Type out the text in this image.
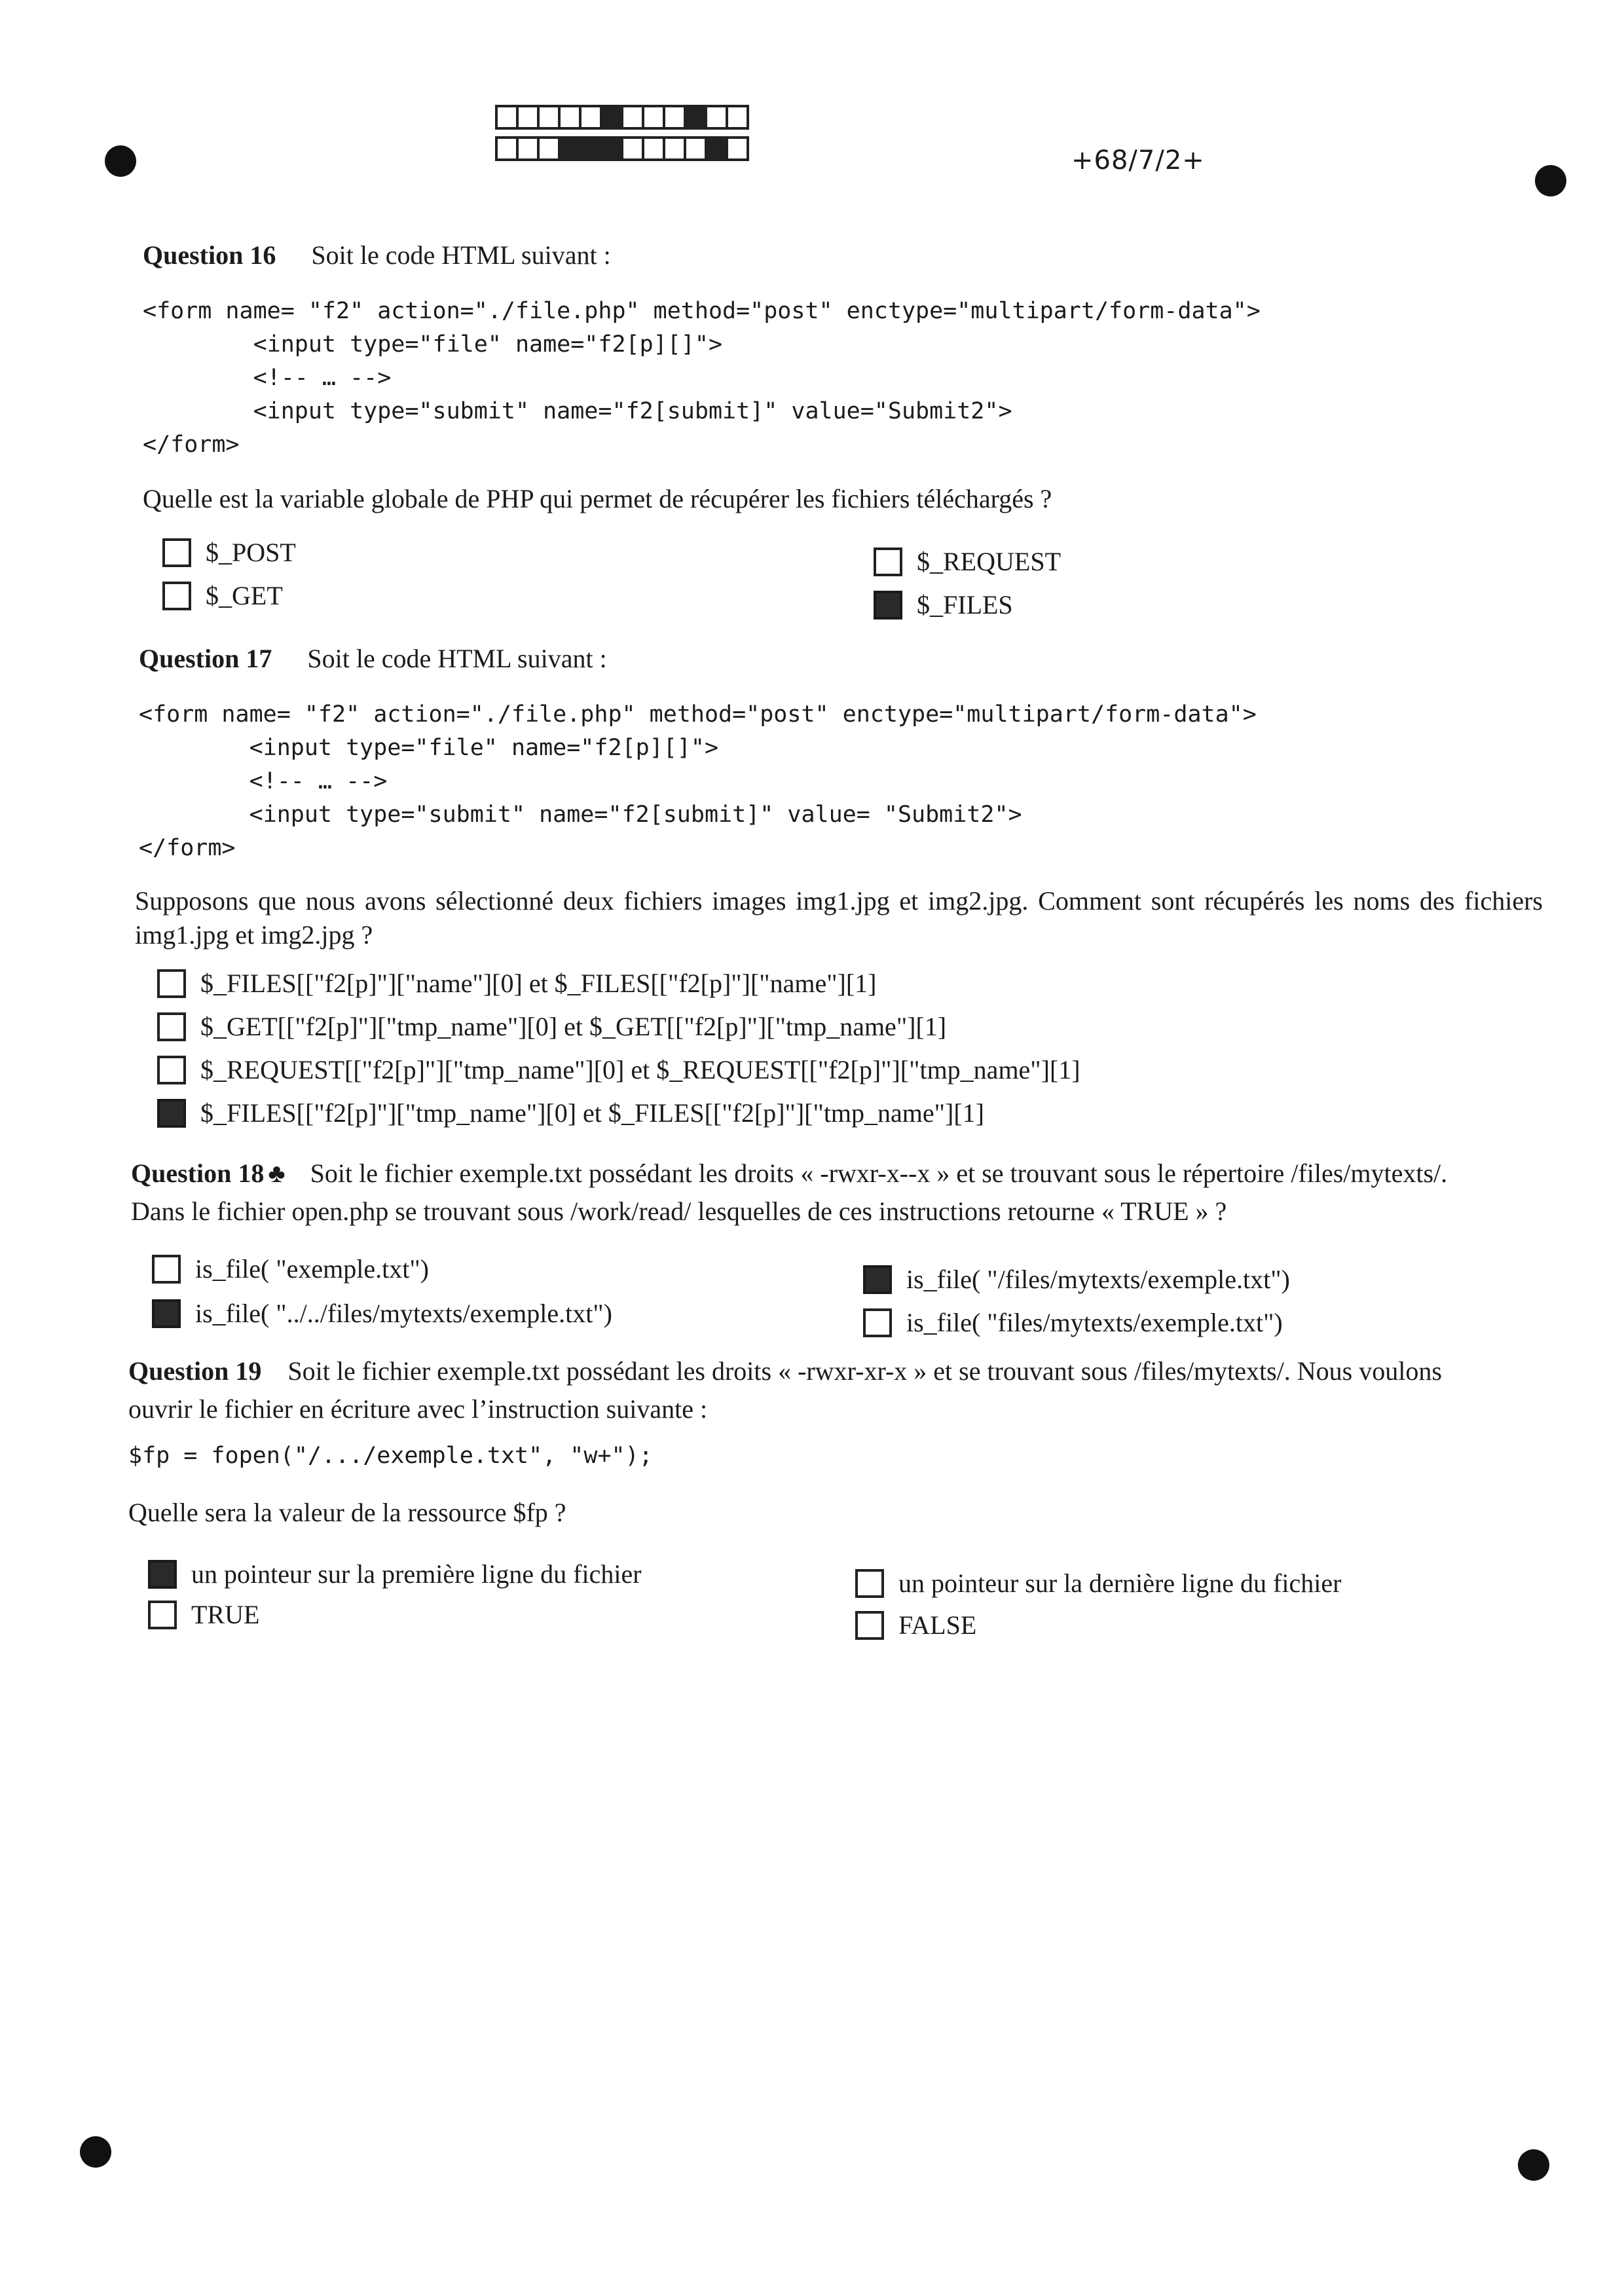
+68/7/2+
Question 16 Soit le code HTML suivant :
<form name= "f2" action="./file.php" method="post" enctype="multipart/form-data">
<input type="file" name="f2[p][]">
<!-- … -->
<input type="submit" name="f2[submit]" value="Submit2">
</form>
Quelle est la variable globale de PHP qui permet de récupérer les fichiers téléchargés ?
$_POST
$_GET
$_REQUEST
$_FILES
Question 17 Soit le code HTML suivant :
<form name= "f2" action="./file.php" method="post" enctype="multipart/form-data">
<input type="file" name="f2[p][]">
<!-- … -->
<input type="submit" name="f2[submit]" value= "Submit2">
</form>
Supposons que nous avons sélectionné deux fichiers images img1.jpg et img2.jpg. Comment sont récupérés les noms des fichiers img1.jpg et img2.jpg ?
$_FILES[["f2[p]"]["name"][0] et $_FILES[["f2[p]"]["name"][1]
$_GET[["f2[p]"]["tmp_name"][0] et $_GET[["f2[p]"]["tmp_name"][1]
$_REQUEST[["f2[p]"]["tmp_name"][0] et $_REQUEST[["f2[p]"]["tmp_name"][1]
$_FILES[["f2[p]"]["tmp_name"][0] et $_FILES[["f2[p]"]["tmp_name"][1]
Question 18 ♣ Soit le fichier exemple.txt possédant les droits « -rwxr-x--x » et se trouvant sous le répertoire /files/mytexts/.
Dans le fichier open.php se trouvant sous /work/read/ lesquelles de ces instructions retourne « TRUE » ?
is_file( "exemple.txt")
is_file( "../../files/mytexts/exemple.txt")
is_file( "/files/mytexts/exemple.txt")
is_file( "files/mytexts/exemple.txt")
Question 19 Soit le fichier exemple.txt possédant les droits « -rwxr-xr-x » et se trouvant sous /files/mytexts/. Nous voulons
ouvrir le fichier en écriture avec l’instruction suivante :
$fp = fopen("/.../exemple.txt", "w+");
Quelle sera la valeur de la ressource $fp ?
un pointeur sur la première ligne du fichier
TRUE
un pointeur sur la dernière ligne du fichier
FALSE
